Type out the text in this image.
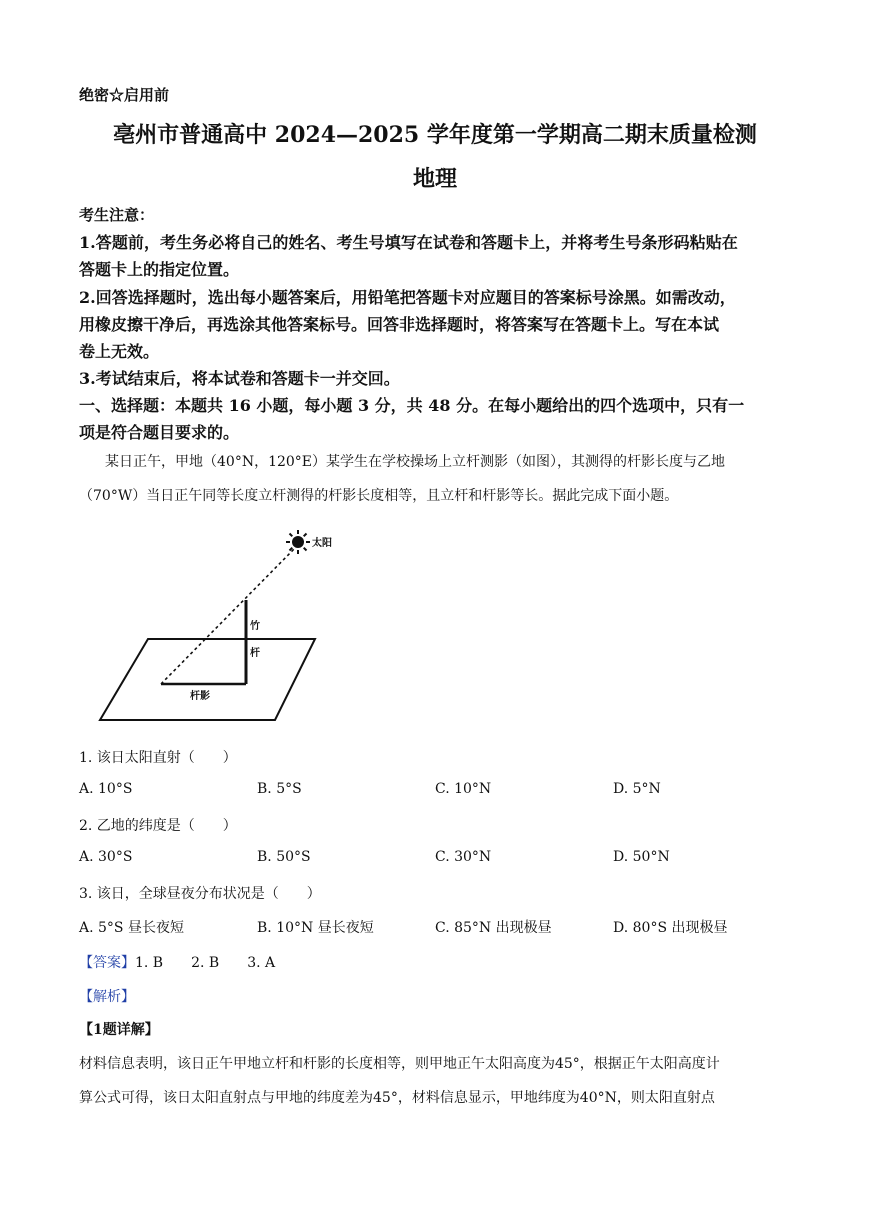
绝密☆启用前
亳州市普通高中 2024—2025 学年度第一学期高二期末质量检测
地理
考生注意：
1.答题前，考生务必将自己的姓名、考生号填写在试卷和答题卡上，并将考生号条形码粘贴在
答题卡上的指定位置。
2.回答选择题时，选出每小题答案后，用铅笔把答题卡对应题目的答案标号涂黑。如需改动，
用橡皮擦干净后，再选涂其他答案标号。回答非选择题时，将答案写在答题卡上。写在本试
卷上无效。
3.考试结束后，将本试卷和答题卡一并交回。
一、选择题：本题共 16 小题，每小题 3 分，共 48 分。在每小题给出的四个选项中，只有一
项是符合题目要求的。
某日正午，甲地（40°N，120°E）某学生在学校操场上立杆测影（如图），其测得的杆影长度与乙地
（70°W）当日正午同等长度立杆测得的杆影长度相等，且立杆和杆影等长。据此完成下面小题。
太阳
竹
杆
杆影
1. 该日太阳直射（　　）
A. 10°S	B. 5°S	C. 10°N	D. 5°N
2. 乙地的纬度是（　　）
A. 30°S	B. 50°S	C. 30°N	D. 50°N
3. 该日，全球昼夜分布状况是（　　）
A. 5°S 昼长夜短	B. 10°N 昼长夜短	C. 85°N 出现极昼	D. 80°S 出现极昼
【答案】1. B　　2. B　　3. A
【解析】
【1题详解】
材料信息表明，该日正午甲地立杆和杆影的长度相等，则甲地正午太阳高度为45°，根据正午太阳高度计
算公式可得，该日太阳直射点与甲地的纬度差为45°，材料信息显示，甲地纬度为40°N，则太阳直射点
